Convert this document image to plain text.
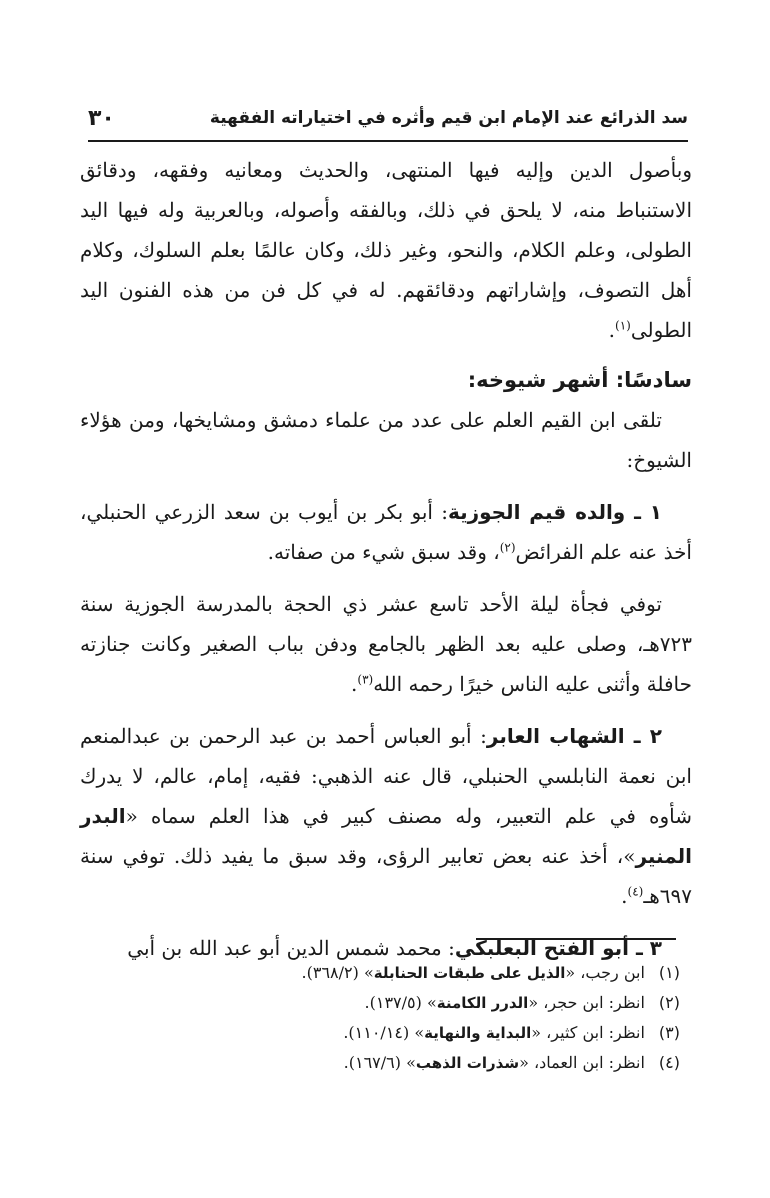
سد الذرائع عند الإمام ابن قيم وأثره في اختياراته الفقهية
٣٠

وبأصول الدين وإليه فيها المنتهى، والحديث ومعانيه وفقهه، ودقائق الاستنباط منه، لا يلحق في ذلك، وبالفقه وأصوله، وبالعربية وله فيها اليد الطولى، وعلم الكلام، والنحو، وغير ذلك، وكان عالمًا بعلم السلوك، وكلام أهل التصوف، وإشاراتهم ودقائقهم. له في كل فن من هذه الفنون اليد الطولى$^{(١)}$.

سادسًا: أشهر شيوخه:

تلقى ابن القيم العلم على عدد من علماء دمشق ومشايخها، ومن هؤلاء الشيوخ:

١ ـ والده قيم الجوزية: أبو بكر بن أيوب بن سعد الزرعي الحنبلي، أخذ عنه علم الفرائض$^{(٢)}$، وقد سبق شيء من صفاته.

توفي فجأة ليلة الأحد تاسع عشر ذي الحجة بالمدرسة الجوزية سنة ٧٢٣هـ، وصلى عليه بعد الظهر بالجامع ودفن بباب الصغير وكانت جنازته حافلة وأثنى عليه الناس خيرًا رحمه الله$^{(٣)}$.

٢ ـ الشهاب العابر: أبو العباس أحمد بن عبد الرحمن بن عبدالمنعم ابن نعمة النابلسي الحنبلي، قال عنه الذهبي: فقيه، إمام، عالم، لا يدرك شأوه في علم التعبير، وله مصنف كبير في هذا العلم سماه «البدر المنير»، أخذ عنه بعض تعابير الرؤى، وقد سبق ما يفيد ذلك. توفي سنة ٦٩٧هـ$^{(٤)}$.

٣ ـ أبو الفتح البعلبكي: محمد شمس الدين أبو عبد الله بن أبي

(١) ابن رجب، «الذيل على طبقات الحنابلة» (٣٦٨/٢).

(٢) انظر: ابن حجر، «الدرر الكامنة» (١٣٧/٥).

(٣) انظر: ابن كثير، «البداية والنهاية» (١١٠/١٤).

(٤) انظر: ابن العماد، «شذرات الذهب» (١٦٧/٦).
